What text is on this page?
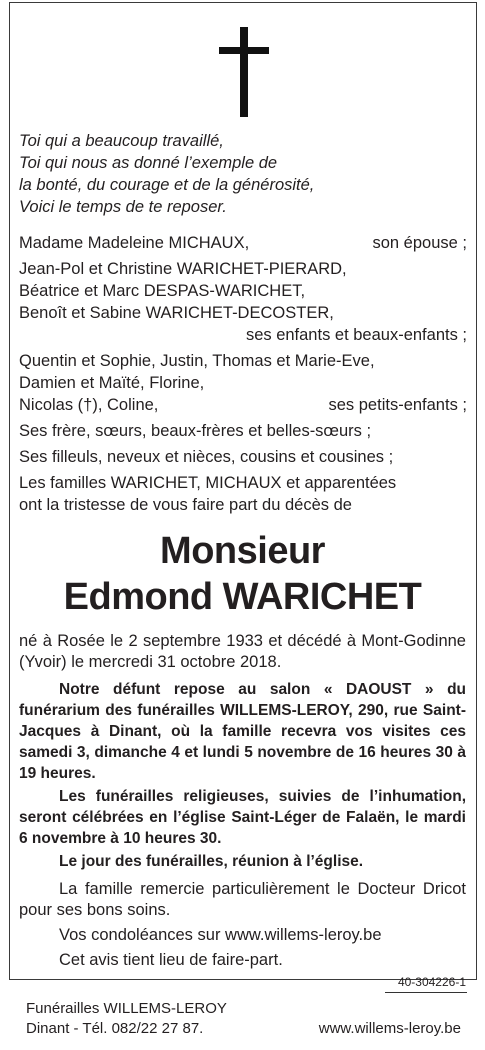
Toi qui a beaucoup travaillé,
Toi qui nous as donné l’exemple de
la bonté, du courage et de la générosité,
Voici le temps de te reposer.
Madame Madeleine MICHAUX,	son épouse ;
Jean-Pol et Christine WARICHET-PIERARD,
Béatrice et Marc DESPAS-WARICHET,
Benoît et Sabine WARICHET-DECOSTER,
ses enfants et beaux-enfants ;
Quentin et Sophie, Justin, Thomas et Marie-Eve,
Damien et Maïté, Florine,
Nicolas (†), Coline,	ses petits-enfants ;
Ses frère, sœurs, beaux-frères et belles-sœurs ;
Ses filleuls, neveux et nièces, cousins et cousines ;
Les familles WARICHET, MICHAUX et apparentées
ont la tristesse de vous faire part du décès de
Monsieur
Edmond WARICHET
né à Rosée le 2 septembre 1933 et décédé à Mont-Godinne (Yvoir) le mercredi 31 octobre 2018.
Notre défunt repose au salon « DAOUST » du funérarium des funérailles WILLEMS-LEROY, 290, rue Saint-Jacques à Dinant, où la famille recevra vos visites ces samedi 3, dimanche 4 et lundi 5 novembre de 16 heures 30 à 19 heures.
Les funérailles religieuses, suivies de l’inhumation, seront célébrées en l’église Saint-Léger de Falaën, le mardi 6 novembre à 10 heures 30.
Le jour des funérailles, réunion à l’église.
La famille remercie particulièrement le Docteur Dricot pour ses bons soins.
Vos condoléances sur www.willems-leroy.be
Cet avis tient lieu de faire-part.
40-304226-1
Funérailles WILLEMS-LEROY
Dinant - Tél. 082/22 27 87.	www.willems-leroy.be
